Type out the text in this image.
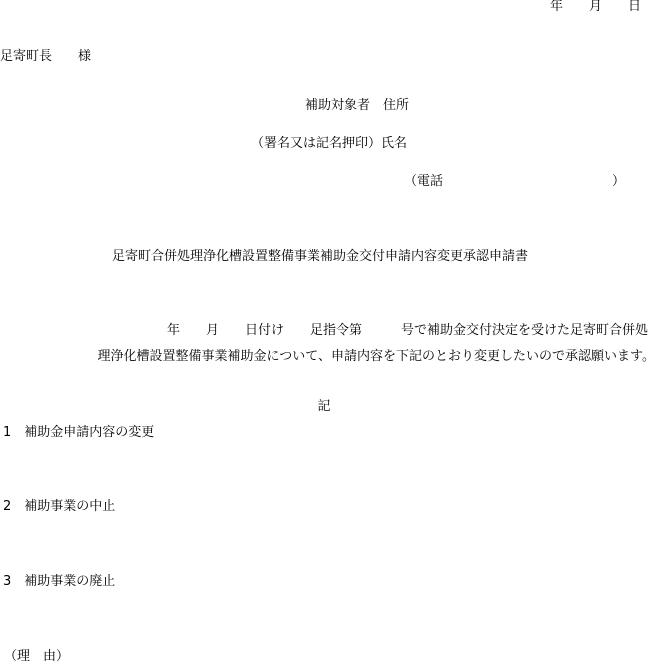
年　　月　　日
足寄町長　　様
補助対象者　住所
（署名又は記名押印）氏名
（電話　　　　　　　　　　　　　）
足寄町合併処理浄化槽設置整備事業補助金交付申請内容変更承認申請書
年　　月　　日付け　　足指令第　　　号で補助金交付決定を受けた足寄町合併処
理浄化槽設置整備事業補助金について、申請内容を下記のとおり変更したいので承認願います。
記
1　補助金申請内容の変更
2　補助事業の中止
3　補助事業の廃止
（理　由）
